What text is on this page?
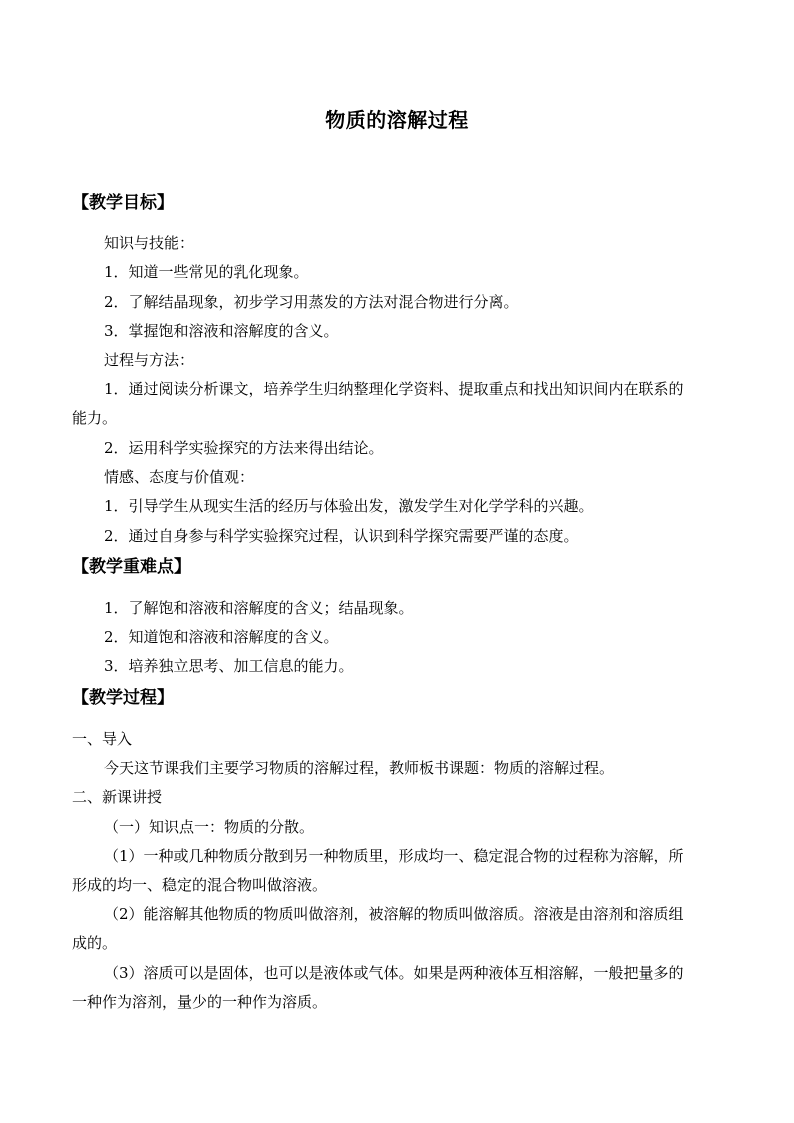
物质的溶解过程
【教学目标】
知识与技能：
1．知道一些常见的乳化现象。
2．了解结晶现象，初步学习用蒸发的方法对混合物进行分离。
3．掌握饱和溶液和溶解度的含义。
过程与方法：
1．通过阅读分析课文，培养学生归纳整理化学资料、提取重点和找出知识间内在联系的
能力。
2．运用科学实验探究的方法来得出结论。
情感、态度与价值观：
1．引导学生从现实生活的经历与体验出发，激发学生对化学学科的兴趣。
2．通过自身参与科学实验探究过程，认识到科学探究需要严谨的态度。
【教学重难点】
1．了解饱和溶液和溶解度的含义；结晶现象。
2．知道饱和溶液和溶解度的含义。
3．培养独立思考、加工信息的能力。
【教学过程】
一、导入
今天这节课我们主要学习物质的溶解过程，教师板书课题：物质的溶解过程。
二、新课讲授
（一）知识点一：物质的分散。
（1）一种或几种物质分散到另一种物质里，形成均一、稳定混合物的过程称为溶解，所
形成的均一、稳定的混合物叫做溶液。
（2）能溶解其他物质的物质叫做溶剂，被溶解的物质叫做溶质。溶液是由溶剂和溶质组
成的。
（3）溶质可以是固体，也可以是液体或气体。如果是两种液体互相溶解，一般把量多的
一种作为溶剂，量少的一种作为溶质。
